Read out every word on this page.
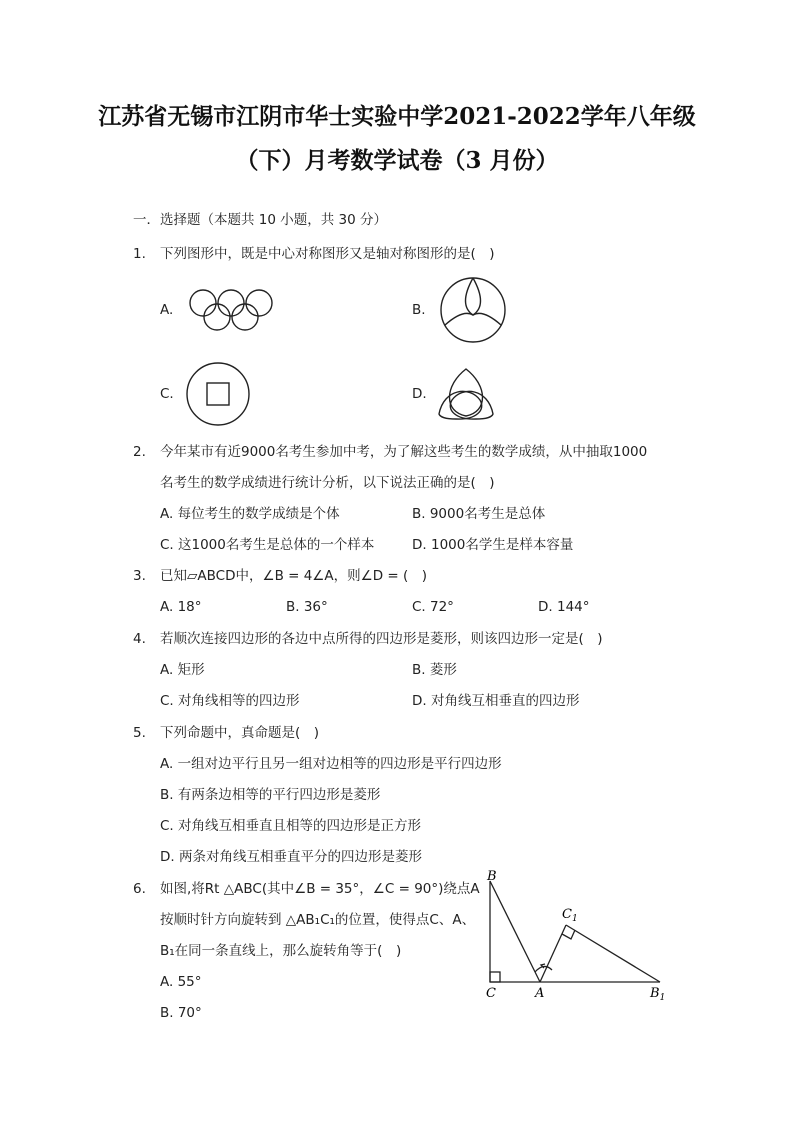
江苏省无锡市江阴市华士实验中学2021-2022学年八年级
（下）月考数学试卷（3 月份）
一．选择题（本题共 10 小题，共 30 分）
1. 下列图形中，既是中心对称图形又是轴对称图形的是(　)
A.	B.
C.	D.
2. 今年某市有近9000名考生参加中考，为了解这些考生的数学成绩，从中抽取1000
名考生的数学成绩进行统计分析，以下说法正确的是(　)
A. 每位考生的数学成绩是个体	B. 9000名考生是总体
C. 这1000名考生是总体的一个样本	D. 1000名学生是样本容量
3. 已知▱ABCD中，∠B = 4∠A，则∠D = (　)
A. 18°	B. 36°	C. 72°	D. 144°
4. 若顺次连接四边形的各边中点所得的四边形是菱形，则该四边形一定是(　)
A. 矩形	B. 菱形
C. 对角线相等的四边形	D. 对角线互相垂直的四边形
5. 下列命题中，真命题是(　)
A. 一组对边平行且另一组对边相等的四边形是平行四边形
B. 有两条边相等的平行四边形是菱形
C. 对角线互相垂直且相等的四边形是正方形
D. 两条对角线互相垂直平分的四边形是菱形
6. 如图,将Rt △ABC(其中∠B = 35°，∠C = 90°)绕点A
按顺时针方向旋转到 △AB₁C₁的位置，使得点C、A、
B₁在同一条直线上，那么旋转角等于(　)
A. 55°
B. 70°
B
C	A
$C_1$
$B_1$
